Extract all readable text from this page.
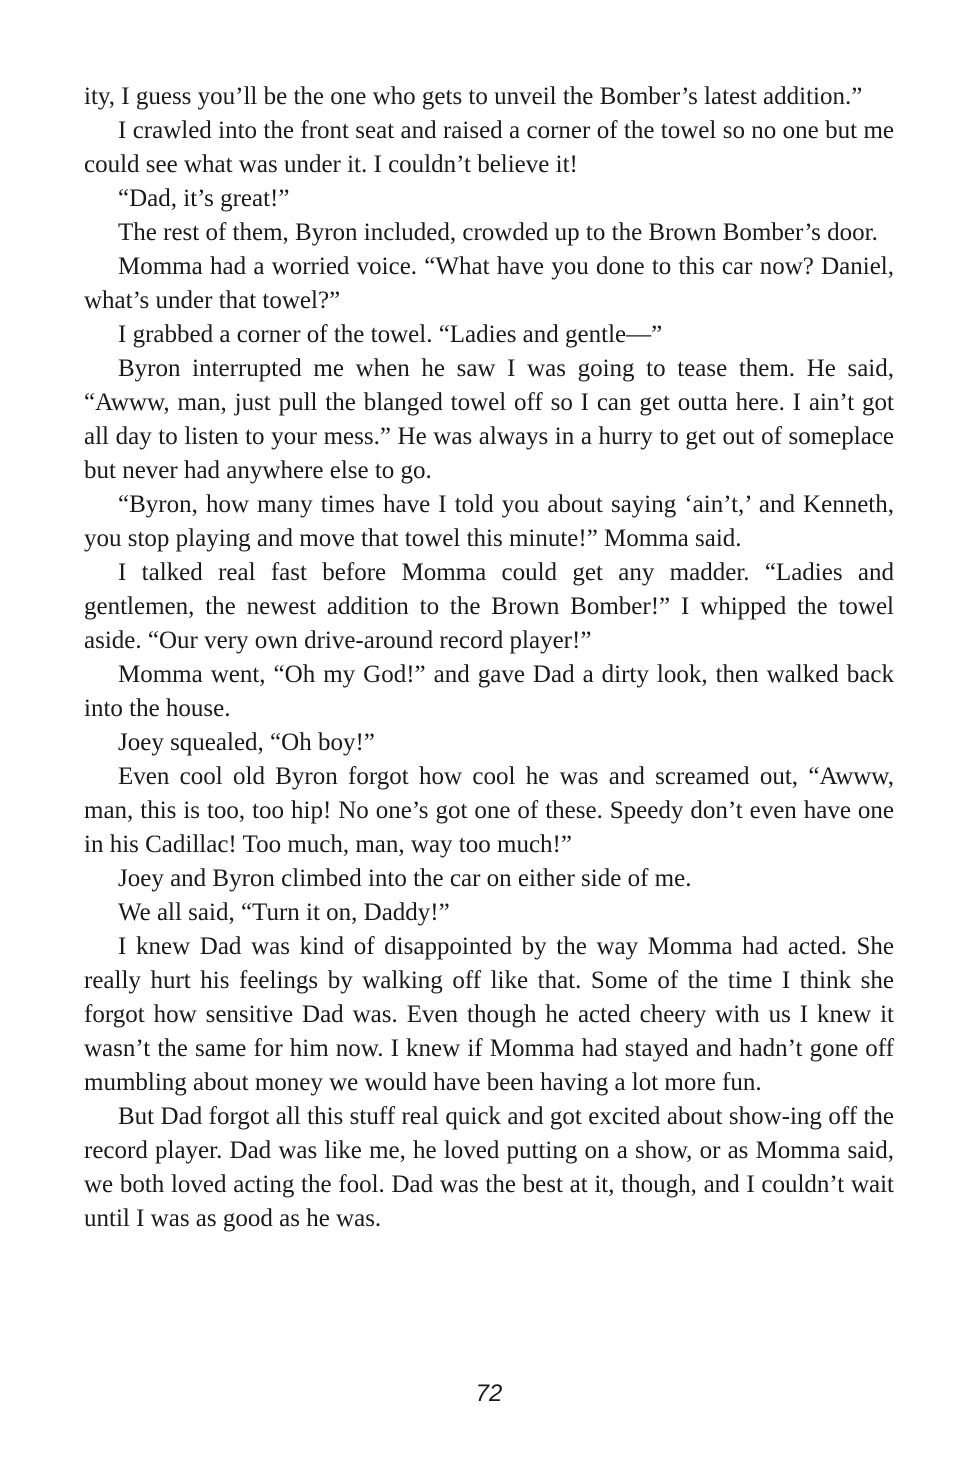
ity, I guess you’ll be the one who gets to unveil the Bomber’s latest addition.”

I crawled into the front seat and raised a corner of the towel so no one but me could see what was under it. I couldn’t believe it!

“Dad, it’s great!”

The rest of them, Byron included, crowded up to the Brown Bomber’s door.

Momma had a worried voice. “What have you done to this car now? Daniel, what’s under that towel?”

I grabbed a corner of the towel. “Ladies and gentle—”

Byron interrupted me when he saw I was going to tease them. He said, “Awww, man, just pull the blanged towel off so I can get outta here. I ain’t got all day to listen to your mess.” He was always in a hurry to get out of someplace but never had anywhere else to go.

“Byron, how many times have I told you about saying ‘ain’t,’ and Kenneth, you stop playing and move that towel this minute!” Momma said.

I talked real fast before Momma could get any madder. “Ladies and gentlemen, the newest addition to the Brown Bomber!” I whipped the towel aside. “Our very own drive-around record player!”

Momma went, “Oh my God!” and gave Dad a dirty look, then walked back into the house.

Joey squealed, “Oh boy!”

Even cool old Byron forgot how cool he was and screamed out, “Awww, man, this is too, too hip! No one’s got one of these. Speedy don’t even have one in his Cadillac! Too much, man, way too much!”

Joey and Byron climbed into the car on either side of me.

We all said, “Turn it on, Daddy!”

I knew Dad was kind of disappointed by the way Momma had acted. She really hurt his feelings by walking off like that. Some of the time I think she forgot how sensitive Dad was. Even though he acted cheery with us I knew it wasn’t the same for him now. I knew if Momma had stayed and hadn’t gone off mumbling about money we would have been having a lot more fun.

But Dad forgot all this stuff real quick and got excited about show-ing off the record player. Dad was like me, he loved putting on a show, or as Momma said, we both loved acting the fool. Dad was the best at it, though, and I couldn’t wait until I was as good as he was.

72
